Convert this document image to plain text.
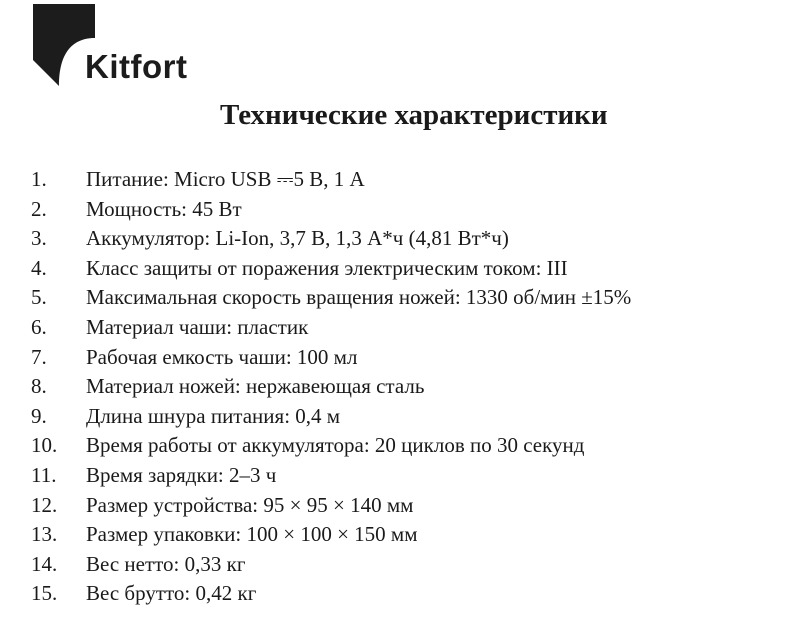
Kitfort
Технические характеристики
1.	Питание: Micro USB ⎓5 В, 1 А
2.	Мощность: 45 Вт
3.	Аккумулятор: Li-Ion, 3,7 В, 1,3 А*ч (4,81 Вт*ч)
4.	Класс защиты от поражения электрическим током: III
5.	Максимальная скорость вращения ножей: 1330 об/мин ±15%
6.	Материал чаши: пластик
7.	Рабочая емкость чаши: 100 мл
8.	Материал ножей: нержавеющая сталь
9.	Длина шнура питания: 0,4 м
10.	Время работы от аккумулятора: 20 циклов по 30 секунд
11.	Время зарядки: 2–3 ч
12.	Размер устройства: 95 × 95 × 140 мм
13.	Размер упаковки: 100 × 100 × 150 мм
14.	Вес нетто: 0,33 кг
15.	Вес брутто: 0,42 кг
